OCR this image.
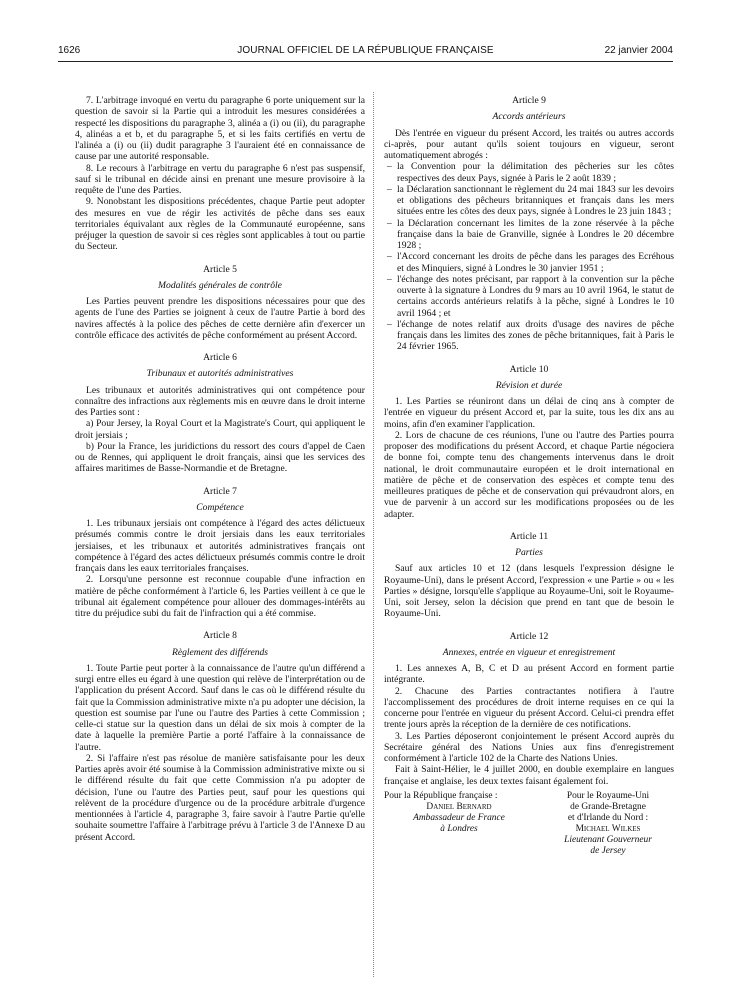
1626	JOURNAL OFFICIEL DE LA RÉPUBLIQUE FRANÇAISE	22 janvier 2004

7. L'arbitrage invoqué en vertu du paragraphe 6 porte uniquement sur la question de savoir si la Partie qui a introduit les mesures considérées a respecté les dispositions du paragraphe 3, alinéa a (i) ou (ii), du paragraphe 4, alinéas a et b, et du paragraphe 5, et si les faits certifiés en vertu de l'alinéa a (i) ou (ii) dudit paragraphe 3 l'auraient été en connaissance de cause par une autorité responsable.

8. Le recours à l'arbitrage en vertu du paragraphe 6 n'est pas suspensif, sauf si le tribunal en décide ainsi en prenant une mesure provisoire à la requête de l'une des Parties.

9. Nonobstant les dispositions précédentes, chaque Partie peut adopter des mesures en vue de régir les activités de pêche dans ses eaux territoriales équivalant aux règles de la Communauté européenne, sans préjuger la question de savoir si ces règles sont applicables à tout ou partie du Secteur.

Article 5

Modalités générales de contrôle

Les Parties peuvent prendre les dispositions nécessaires pour que des agents de l'une des Parties se joignent à ceux de l'autre Partie à bord des navires affectés à la police des pêches de cette dernière afin d'exercer un contrôle efficace des activités de pêche conformément au présent Accord.

Article 6

Tribunaux et autorités administratives

Les tribunaux et autorités administratives qui ont compétence pour connaître des infractions aux règlements mis en œuvre dans le droit interne des Parties sont :

a) Pour Jersey, la Royal Court et la Magistrate's Court, qui appliquent le droit jersiais ;

b) Pour la France, les juridictions du ressort des cours d'appel de Caen ou de Rennes, qui appliquent le droit français, ainsi que les services des affaires maritimes de Basse-Normandie et de Bretagne.

Article 7

Compétence

1. Les tribunaux jersiais ont compétence à l'égard des actes délictueux présumés commis contre le droit jersiais dans les eaux territoriales jersiaises, et les tribunaux et autorités administratives français ont compétence à l'égard des actes délictueux présumés commis contre le droit français dans les eaux territoriales françaises.

2. Lorsqu'une personne est reconnue coupable d'une infraction en matière de pêche conformément à l'article 6, les Parties veillent à ce que le tribunal ait également compétence pour allouer des dommages-intérêts au titre du préjudice subi du fait de l'infraction qui a été commise.

Article 8

Règlement des différends

1. Toute Partie peut porter à la connaissance de l'autre qu'un différend a surgi entre elles eu égard à une question qui relève de l'interprétation ou de l'application du présent Accord. Sauf dans le cas où le différend résulte du fait que la Commission administrative mixte n'a pu adopter une décision, la question est soumise par l'une ou l'autre des Parties à cette Commission ; celle-ci statue sur la question dans un délai de six mois à compter de la date à laquelle la première Partie a porté l'affaire à la connaissance de l'autre.

2. Si l'affaire n'est pas résolue de manière satisfaisante pour les deux Parties après avoir été soumise à la Commission administrative mixte ou si le différend résulte du fait que cette Commission n'a pu adopter de décision, l'une ou l'autre des Parties peut, sauf pour les questions qui relèvent de la procédure d'urgence ou de la procédure arbitrale d'urgence mentionnées à l'article 4, paragraphe 3, faire savoir à l'autre Partie qu'elle souhaite soumettre l'affaire à l'arbitrage prévu à l'article 3 de l'Annexe D au présent Accord.

Article 9

Accords antérieurs

Dès l'entrée en vigueur du présent Accord, les traités ou autres accords ci-après, pour autant qu'ils soient toujours en vigueur, seront automatiquement abrogés :

– la Convention pour la délimitation des pêcheries sur les côtes respectives des deux Pays, signée à Paris le 2 août 1839 ;
– la Déclaration sanctionnant le règlement du 24 mai 1843 sur les devoirs et obligations des pêcheurs britanniques et français dans les mers situées entre les côtes des deux pays, signée à Londres le 23 juin 1843 ;
– la Déclaration concernant les limites de la zone réservée à la pêche française dans la baie de Granville, signée à Londres le 20 décembre 1928 ;
– l'Accord concernant les droits de pêche dans les parages des Ecréhous et des Minquiers, signé à Londres le 30 janvier 1951 ;
– l'échange des notes précisant, par rapport à la convention sur la pêche ouverte à la signature à Londres du 9 mars au 10 avril 1964, le statut de certains accords antérieurs relatifs à la pêche, signé à Londres le 10 avril 1964 ; et
– l'échange de notes relatif aux droits d'usage des navires de pêche français dans les limites des zones de pêche britanniques, fait à Paris le 24 février 1965.

Article 10

Révision et durée

1. Les Parties se réuniront dans un délai de cinq ans à compter de l'entrée en vigueur du présent Accord et, par la suite, tous les dix ans au moins, afin d'en examiner l'application.

2. Lors de chacune de ces réunions, l'une ou l'autre des Parties pourra proposer des modifications du présent Accord, et chaque Partie négociera de bonne foi, compte tenu des changements intervenus dans le droit national, le droit communautaire européen et le droit international en matière de pêche et de conservation des espèces et compte tenu des meilleures pratiques de pêche et de conservation qui prévaudront alors, en vue de parvenir à un accord sur les modifications proposées ou de les adapter.

Article 11

Parties

Sauf aux articles 10 et 12 (dans lesquels l'expression désigne le Royaume-Uni), dans le présent Accord, l'expression « une Partie » ou « les Parties » désigne, lorsqu'elle s'applique au Royaume-Uni, soit le Royaume-Uni, soit Jersey, selon la décision que prend en tant que de besoin le Royaume-Uni.

Article 12

Annexes, entrée en vigueur et enregistrement

1. Les annexes A, B, C et D au présent Accord en forment partie intégrante.

2. Chacune des Parties contractantes notifiera à l'autre l'accomplissement des procédures de droit interne requises en ce qui la concerne pour l'entrée en vigueur du présent Accord. Celui-ci prendra effet trente jours après la réception de la dernière de ces notifications.

3. Les Parties déposeront conjointement le présent Accord auprès du Secrétaire général des Nations Unies aux fins d'enregistrement conformément à l'article 102 de la Charte des Nations Unies.

Fait à Saint-Hélier, le 4 juillet 2000, en double exemplaire en langues française et anglaise, les deux textes faisant également foi.

Pour la République française :
Daniel Bernard
Ambassadeur de France
à Londres
Pour le Royaume-Uni
de Grande-Bretagne
et d'Irlande du Nord :
Michael Wilkes
Lieutenant Gouverneur
de Jersey
